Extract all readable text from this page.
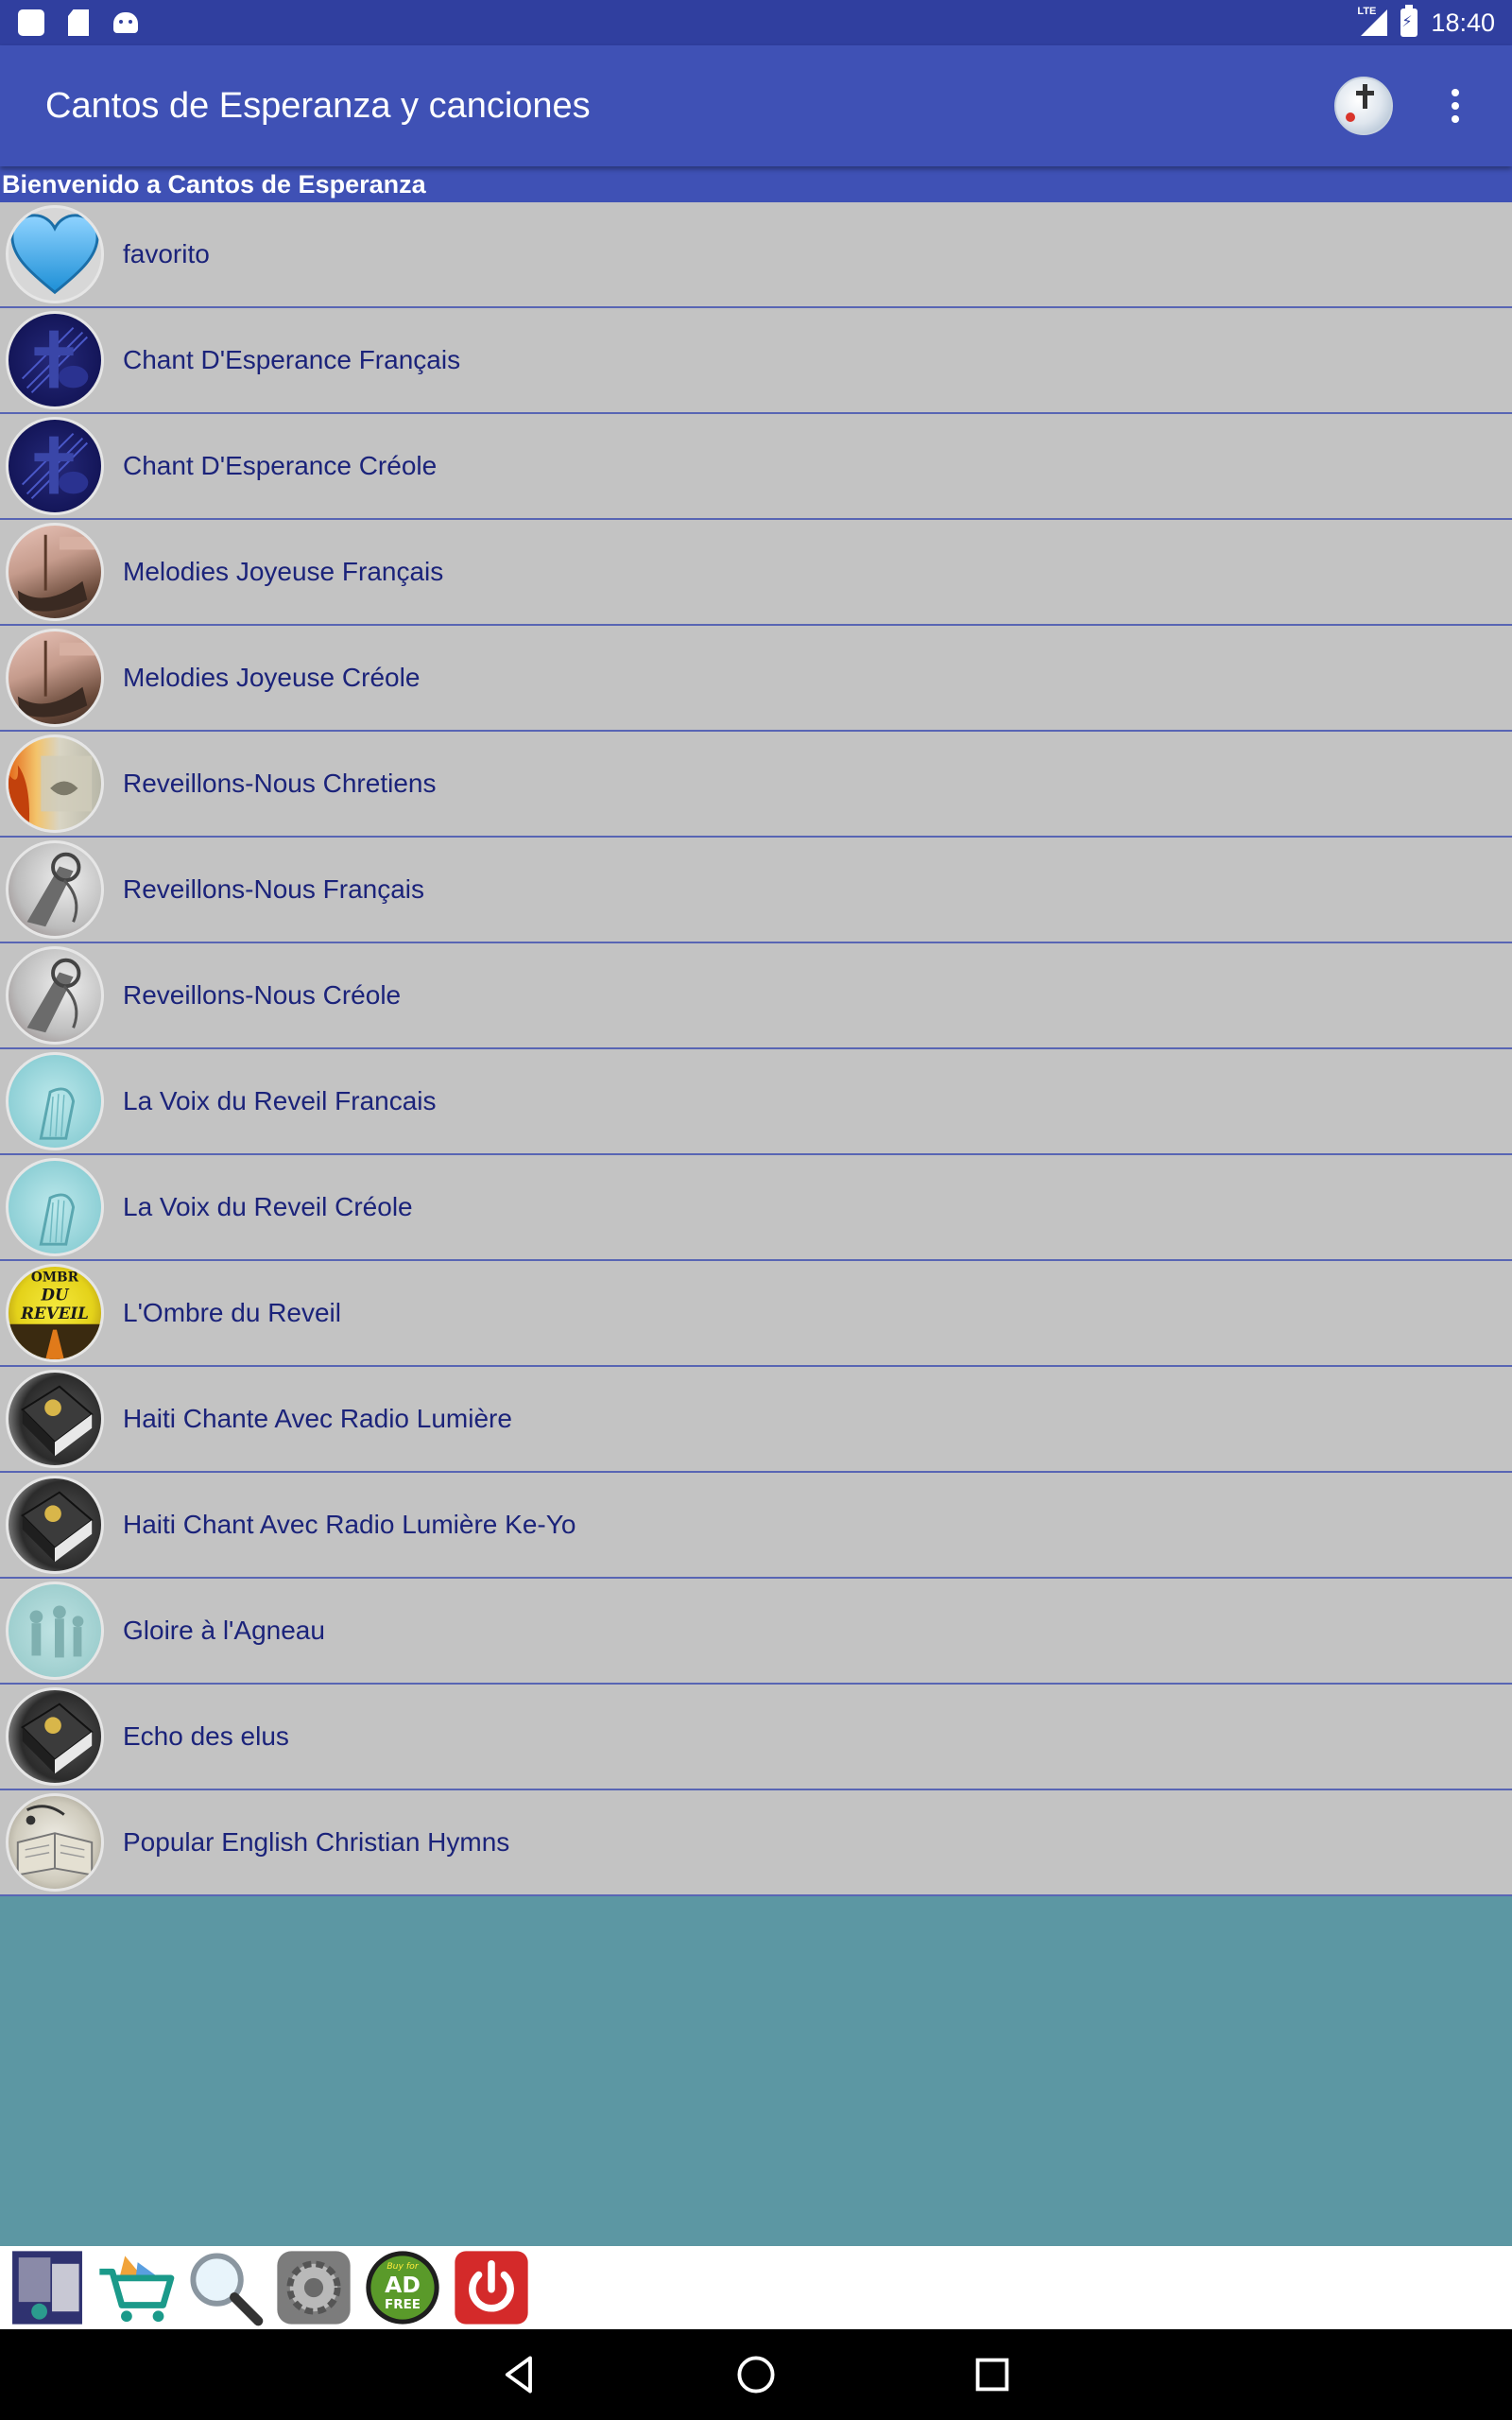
LTE
⚡ 18:40
Cantos de Esperanza y canciones
Bienvenido a Cantos de Esperanza
favorito
Chant D'Esperance Français
Chant D'Esperance Créole
Melodies Joyeuse Français
Melodies Joyeuse Créole
Reveillons-Nous Chretiens
Reveillons-Nous Français
Reveillons-Nous Créole
La Voix du Reveil Francais
La Voix du Reveil Créole
OMBR
DU
REVEIL L'Ombre du Reveil
Haiti Chante Avec Radio Lumière
Haiti Chant Avec Radio Lumière Ke-Yo
Gloire à l'Agneau
Echo des elus
Popular English Christian Hymns
Buy for
AD
FREE
